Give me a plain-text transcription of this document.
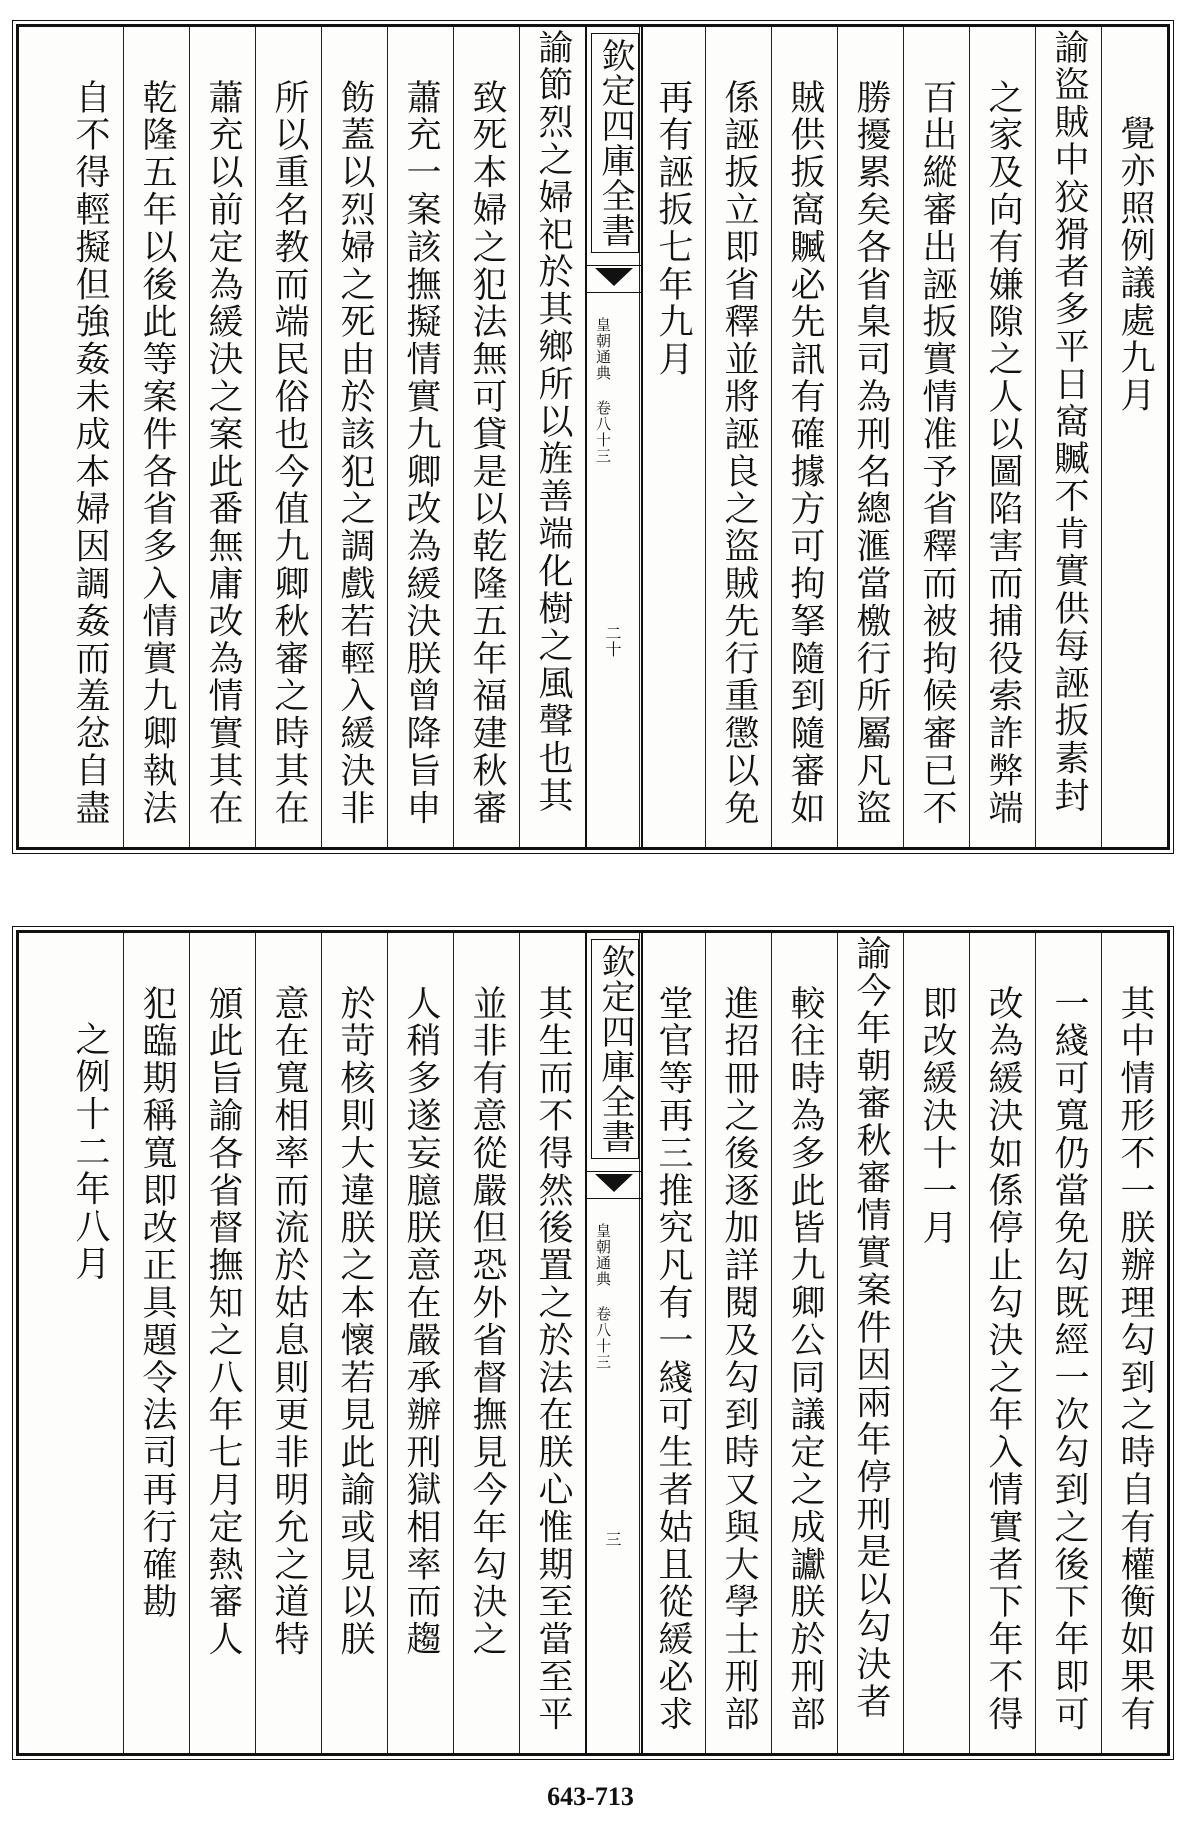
覺亦照例議處九月
諭盜賊中狡猾者多平日窩贓不肯實供每誣扳素封
之家及向有嫌隙之人以圖陷害而捕役索詐弊端
百出縱審出誣扳實情准予省釋而被拘候審已不
勝擾累矣各省臬司為刑名總滙當檄行所屬凡盜
賊供扳窩贓必先訊有確據方可拘拏隨到隨審如
係誣扳立即省釋並將誣良之盜賊先行重懲以免
再有誣扳七年九月
欽定四庫全書
皇朝通典 卷八十三
二十
諭節烈之婦祀於其鄉所以旌善端化樹之風聲也其
致死本婦之犯法無可貸是以乾隆五年福建秋審
蕭充一案該撫擬情實九卿改為緩決朕曾降旨申
飭蓋以烈婦之死由於該犯之調戲若輕入緩決非
所以重名教而端民俗也今值九卿秋審之時其在
蕭充以前定為緩決之案此番無庸改為情實其在
乾隆五年以後此等案件各省多入情實九卿執法
自不得輕擬但強姦未成本婦因調姦而羞忿自盡
其中情形不一朕辦理勾到之時自有權衡如果有
一綫可寬仍當免勾既經一次勾到之後下年即可
改為緩決如係停止勾決之年入情實者下年不得
即改緩決十一月
諭今年朝審秋審情實案件因兩年停刑是以勾決者
較往時為多此皆九卿公同議定之成讞朕於刑部
進招冊之後逐加詳閱及勾到時又與大學士刑部
堂官等再三推究凡有一綫可生者姑且從緩必求
欽定四庫全書
皇朝通典 卷八十三
三
其生而不得然後置之於法在朕心惟期至當至平
並非有意從嚴但恐外省督撫見今年勾決之
人稍多遂妄臆朕意在嚴承辦刑獄相率而趨
於苛核則大違朕之本懷若見此諭或見以朕
意在寬相率而流於姑息則更非明允之道特
頒此旨諭各省督撫知之八年七月定熱審人
犯臨期稱寬即改正具題令法司再行確勘
之例十二年八月
643-713
